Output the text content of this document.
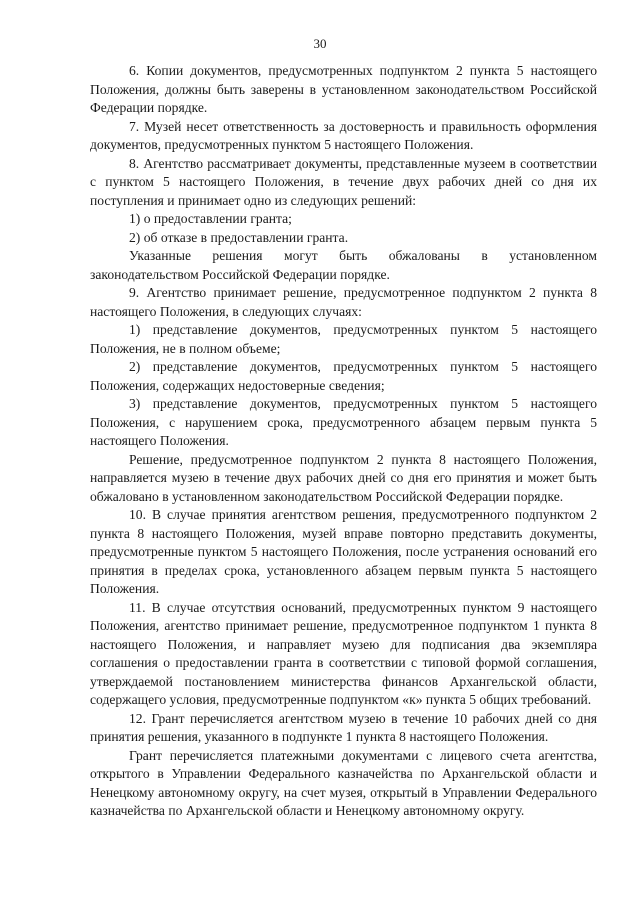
30

6. Копии документов, предусмотренных подпунктом 2 пункта 5 настоящего Положения, должны быть заверены в установленном законодательством Российской Федерации порядке.

7. Музей несет ответственность за достоверность и правильность оформления документов, предусмотренных пунктом 5 настоящего Положения.

8. Агентство рассматривает документы, представленные музеем в соответствии с пунктом 5 настоящего Положения, в течение двух рабочих дней со дня их поступления и принимает одно из следующих решений:

1) о предоставлении гранта;

2) об отказе в предоставлении гранта.

Указанные решения могут быть обжалованы в установленном законодательством Российской Федерации порядке.

9. Агентство принимает решение, предусмотренное подпунктом 2 пункта 8 настоящего Положения, в следующих случаях:

1) представление документов, предусмотренных пунктом 5 настоящего Положения, не в полном объеме;

2) представление документов, предусмотренных пунктом 5 настоящего Положения, содержащих недостоверные сведения;

3) представление документов, предусмотренных пунктом 5 настоящего Положения, с нарушением срока, предусмотренного абзацем первым пункта 5 настоящего Положения.

Решение, предусмотренное подпунктом 2 пункта 8 настоящего Положения, направляется музею в течение двух рабочих дней со дня его принятия и может быть обжаловано в установленном законодательством Российской Федерации порядке.

10. В случае принятия агентством решения, предусмотренного подпунктом 2 пункта 8 настоящего Положения, музей вправе повторно представить документы, предусмотренные пунктом 5 настоящего Положения, после устранения оснований его принятия в пределах срока, установленного абзацем первым пункта 5 настоящего Положения.

11. В случае отсутствия оснований, предусмотренных пунктом 9 настоящего Положения, агентство принимает решение, предусмотренное подпунктом 1 пункта 8 настоящего Положения, и направляет музею для подписания два экземпляра соглашения о предоставлении гранта в соответствии с типовой формой соглашения, утверждаемой постановлением министерства финансов Архангельской области, содержащего условия, предусмотренные подпунктом «к» пункта 5 общих требований.

12. Грант перечисляется агентством музею в течение 10 рабочих дней со дня принятия решения, указанного в подпункте 1 пункта 8 настоящего Положения.

Грант перечисляется платежными документами с лицевого счета агентства, открытого в Управлении Федерального казначейства по Архангельской области и Ненецкому автономному округу, на счет музея, открытый в Управлении Федерального казначейства по Архангельской области и Ненецкому автономному округу.
